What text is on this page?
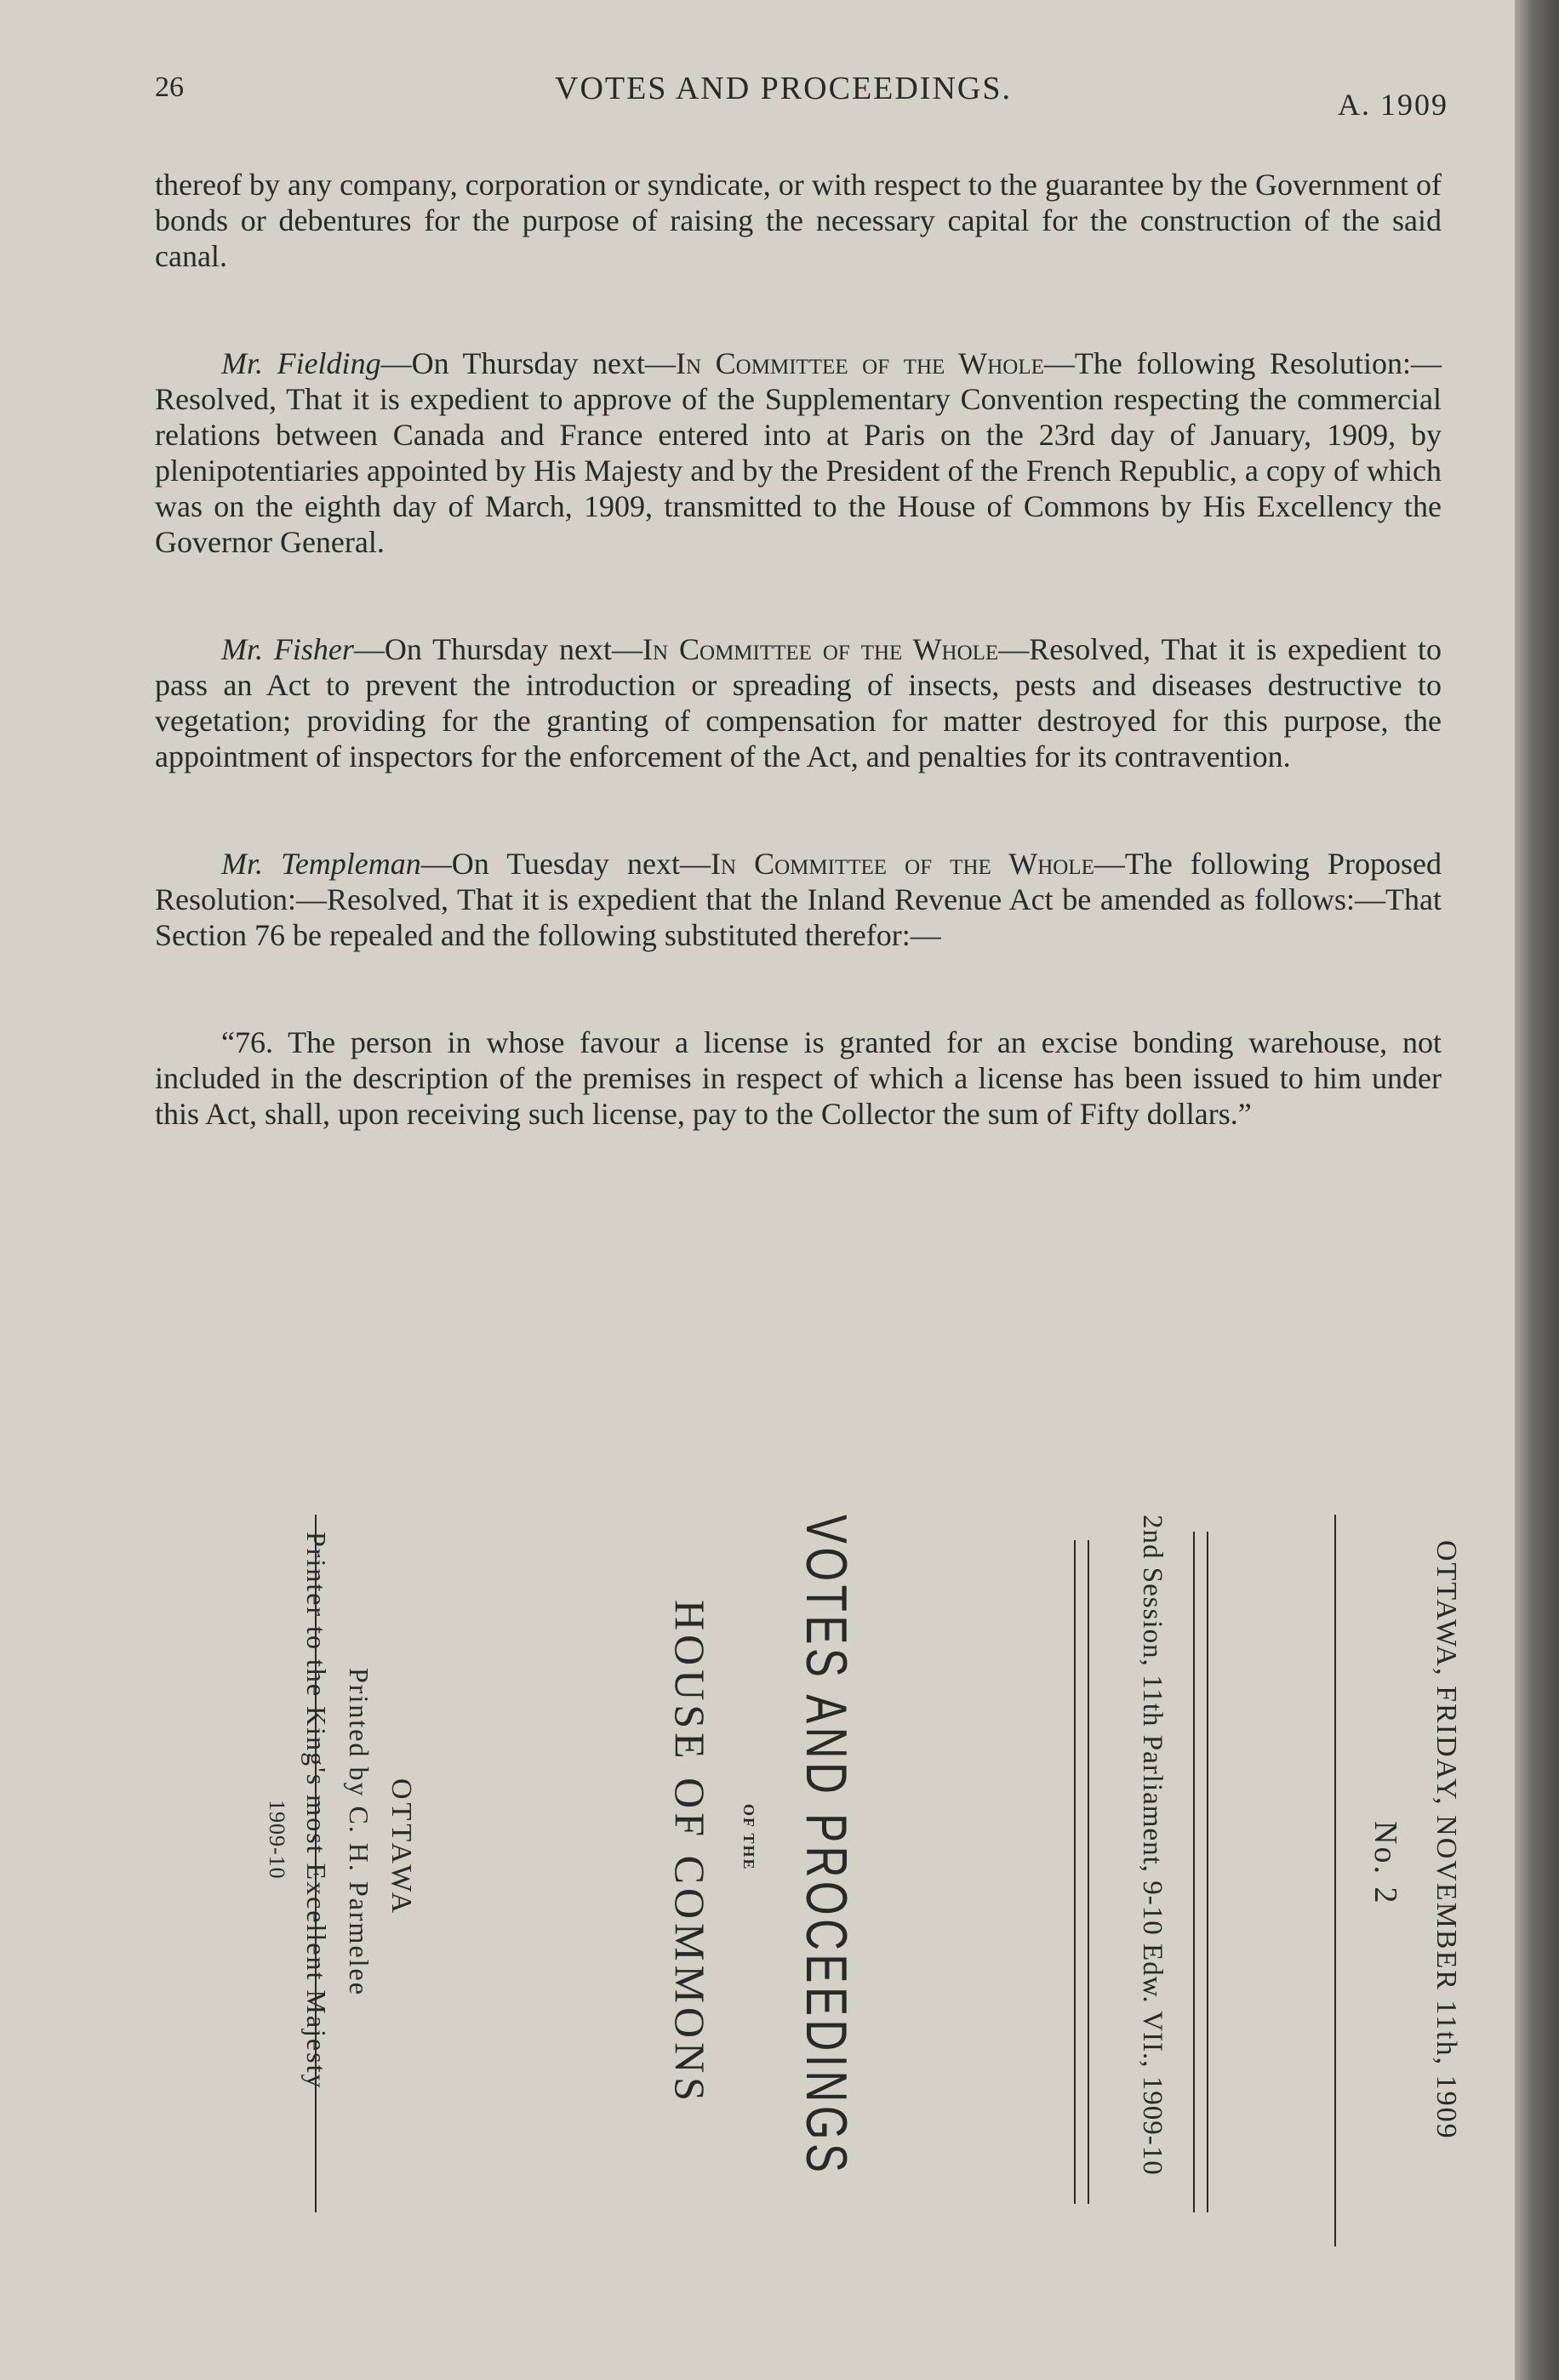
26	VOTES AND PROCEEDINGS.	A. 1909

thereof by any company, corporation or syndicate, or with respect to the guarantee by the Government of bonds or debentures for the purpose of raising the necessary capital for the construction of the said canal.

Mr. Fielding—On Thursday next—In Committee of the Whole—The following Resolution:—Resolved, That it is expedient to approve of the Supplementary Convention respecting the commercial relations between Canada and France entered into at Paris on the 23rd day of January, 1909, by plenipotentiaries appointed by His Majesty and by the President of the French Republic, a copy of which was on the eighth day of March, 1909, transmitted to the House of Commons by His Excellency the Governor General.

Mr. Fisher—On Thursday next—In Committee of the Whole—Resolved, That it is expedient to pass an Act to prevent the introduction or spreading of insects, pests and diseases destructive to vegetation; providing for the granting of compensation for matter destroyed for this purpose, the appointment of inspectors for the enforcement of the Act, and penalties for its contravention.

Mr. Templeman—On Tuesday next—In Committee of the Whole—The following Proposed Resolution:—Resolved, That it is expedient that the Inland Revenue Act be amended as follows:—That Section 76 be repealed and the following substituted therefor:—

“76. The person in whose favour a license is granted for an excise bonding warehouse, not included in the description of the premises in respect of which a license has been issued to him under this Act, shall, upon receiving such license, pay to the Collector the sum of Fifty dollars.”

OTTAWA, FRIDAY, NOVEMBER 11th, 1909
No. 2
2nd Session, 11th Parliament, 9-10 Edw. VII., 1909-10
VOTES AND PROCEEDINGS
OF THE
HOUSE OF COMMONS
OTTAWA
Printed by C. H. Parmelee
Printer to the King's most Excellent Majesty
1909-10
